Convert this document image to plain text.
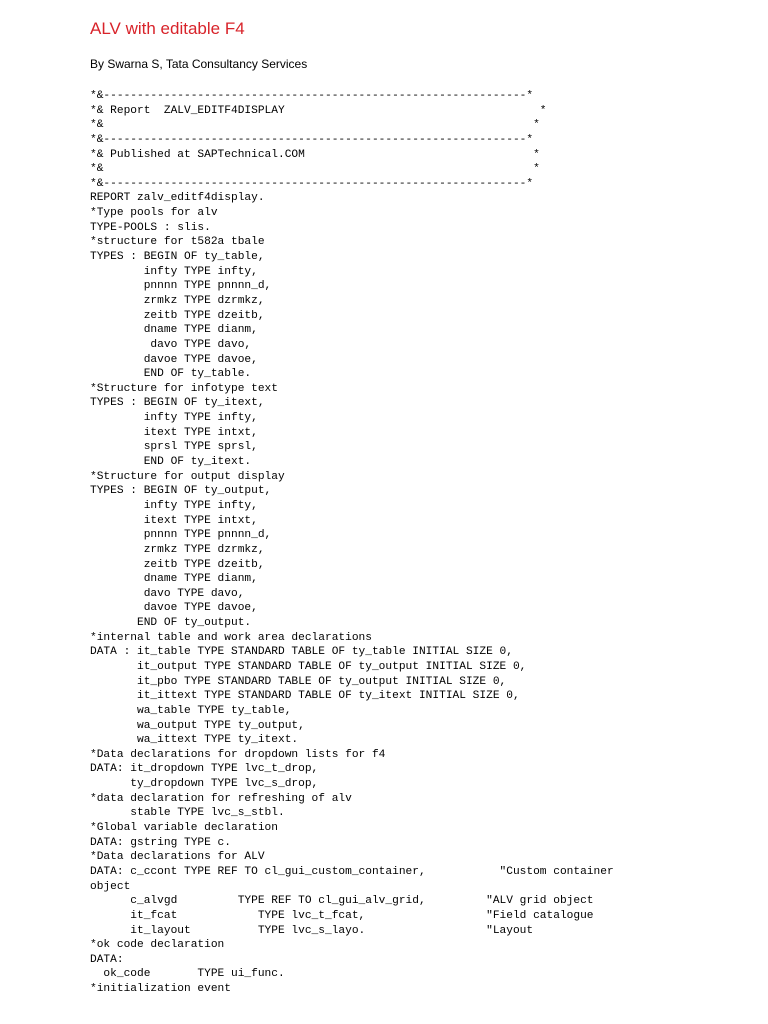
ALV with editable F4

By Swarna S, Tata Consultancy Services

*&---------------------------------------------------------------*
*& Report  ZALV_EDITF4DISPLAY                                      *
*&                                                                *
*&---------------------------------------------------------------*
*& Published at SAPTechnical.COM                                  *
*&                                                                *
*&---------------------------------------------------------------*
REPORT zalv_editf4display.
*Type pools for alv
TYPE-POOLS : slis.
*structure for t582a tbale
TYPES : BEGIN OF ty_table,
infty TYPE infty,
pnnnn TYPE pnnnn_d,
zrmkz TYPE dzrmkz,
zeitb TYPE dzeitb,
dname TYPE dianm,
davo TYPE davo,
davoe TYPE davoe,
END OF ty_table.
*Structure for infotype text
TYPES : BEGIN OF ty_itext,
infty TYPE infty,
itext TYPE intxt,
sprsl TYPE sprsl,
END OF ty_itext.
*Structure for output display
TYPES : BEGIN OF ty_output,
infty TYPE infty,
itext TYPE intxt,
pnnnn TYPE pnnnn_d,
zrmkz TYPE dzrmkz,
zeitb TYPE dzeitb,
dname TYPE dianm,
davo TYPE davo,
davoe TYPE davoe,
END OF ty_output.
*internal table and work area declarations
DATA : it_table TYPE STANDARD TABLE OF ty_table INITIAL SIZE 0,
it_output TYPE STANDARD TABLE OF ty_output INITIAL SIZE 0,
it_pbo TYPE STANDARD TABLE OF ty_output INITIAL SIZE 0,
it_ittext TYPE STANDARD TABLE OF ty_itext INITIAL SIZE 0,
wa_table TYPE ty_table,
wa_output TYPE ty_output,
wa_ittext TYPE ty_itext.
*Data declarations for dropdown lists for f4
DATA: it_dropdown TYPE lvc_t_drop,
ty_dropdown TYPE lvc_s_drop,
*data declaration for refreshing of alv
stable TYPE lvc_s_stbl.
*Global variable declaration
DATA: gstring TYPE c.
*Data declarations for ALV
DATA: c_ccont TYPE REF TO cl_gui_custom_container,           "Custom container
object
c_alvgd         TYPE REF TO cl_gui_alv_grid,         "ALV grid object
it_fcat            TYPE lvc_t_fcat,                  "Field catalogue
it_layout          TYPE lvc_s_layo.                  "Layout
*ok code declaration
DATA:
ok_code       TYPE ui_func.
*initialization event
